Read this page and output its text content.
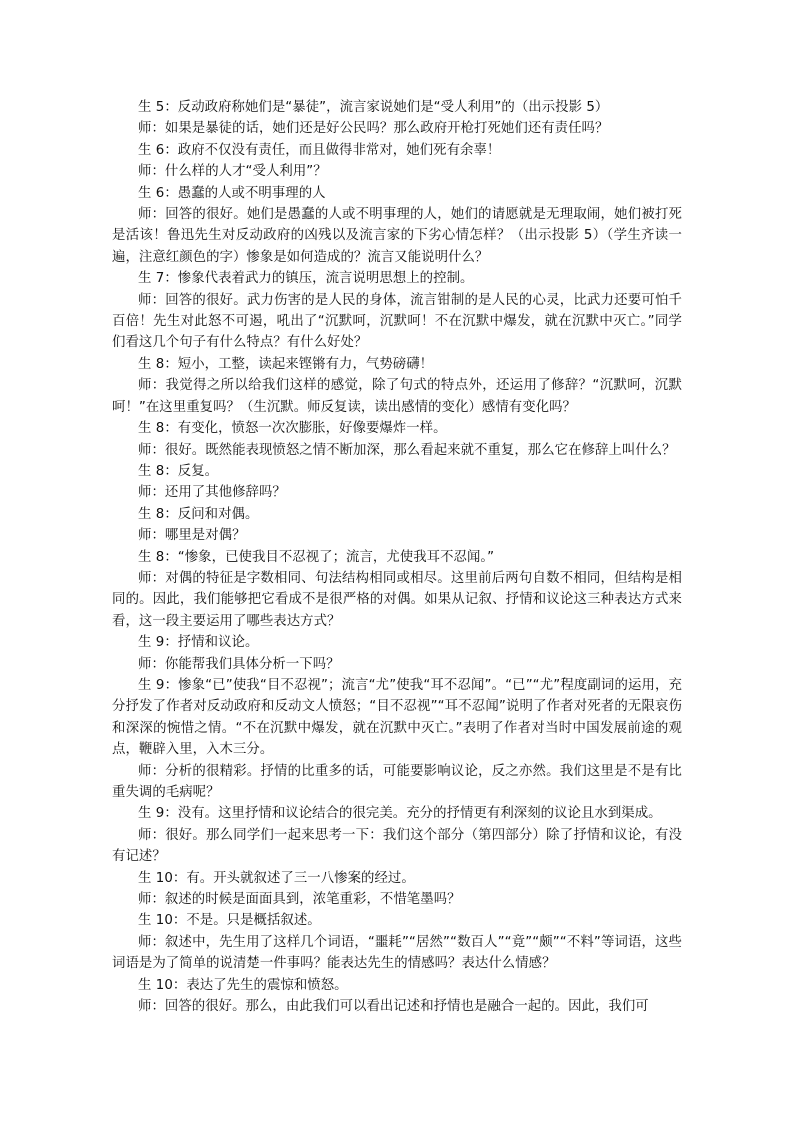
生 5：反动政府称她们是“暴徒”，流言家说她们是“受人利用”的（出示投影 5）

师：如果是暴徒的话，她们还是好公民吗？那么政府开枪打死她们还有责任吗？

生 6：政府不仅没有责任，而且做得非常对，她们死有余辜！

师：什么样的人才“受人利用”？

生 6：愚蠢的人或不明事理的人

师：回答的很好。她们是愚蠢的人或不明事理的人，她们的请愿就是无理取闹，她们被打死是活该！鲁迅先生对反动政府的凶残以及流言家的下劣心情怎样？（出示投影 5）（学生齐读一遍，注意红颜色的字）惨象是如何造成的？流言又能说明什么？

生 7：惨象代表着武力的镇压，流言说明思想上的控制。

师：回答的很好。武力伤害的是人民的身体，流言钳制的是人民的心灵，比武力还要可怕千百倍！先生对此怒不可遏，吼出了“沉默呵，沉默呵！不在沉默中爆发，就在沉默中灭亡。”同学们看这几个句子有什么特点？有什么好处？

生 8：短小，工整，读起来铿锵有力，气势磅礴！

师：我觉得之所以给我们这样的感觉，除了句式的特点外，还运用了修辞？“沉默呵，沉默呵！”在这里重复吗？（生沉默。师反复读，读出感情的变化）感情有变化吗？

生 8：有变化，愤怒一次次膨胀，好像要爆炸一样。

师：很好。既然能表现愤怒之情不断加深，那么看起来就不重复，那么它在修辞上叫什么？

生 8：反复。

师：还用了其他修辞吗？

生 8：反问和对偶。

师：哪里是对偶？

生 8：“惨象，已使我目不忍视了；流言，尤使我耳不忍闻。”

师：对偶的特征是字数相同、句法结构相同或相尽。这里前后两句自数不相同，但结构是相同的。因此，我们能够把它看成不是很严格的对偶。如果从记叙、抒情和议论这三种表达方式来看，这一段主要运用了哪些表达方式？

生 9：抒情和议论。

师：你能帮我们具体分析一下吗？

生 9：惨象“已”使我“目不忍视”；流言“尤”使我“耳不忍闻”。“已”“尤”程度副词的运用，充分抒发了作者对反动政府和反动文人愤怒；“目不忍视”“耳不忍闻”说明了作者对死者的无限哀伤和深深的惋惜之情。“不在沉默中爆发，就在沉默中灭亡。”表明了作者对当时中国发展前途的观点，鞭辟入里，入木三分。

师：分析的很精彩。抒情的比重多的话，可能要影响议论，反之亦然。我们这里是不是有比重失调的毛病呢？

生 9：没有。这里抒情和议论结合的很完美。充分的抒情更有利深刻的议论且水到渠成。

师：很好。那么同学们一起来思考一下：我们这个部分（第四部分）除了抒情和议论，有没有记述？

生 10：有。开头就叙述了三一八惨案的经过。

师：叙述的时候是面面具到，浓笔重彩，不惜笔墨吗？

生 10：不是。只是概括叙述。

师：叙述中，先生用了这样几个词语，“噩耗”“居然”“数百人”“竟”“颇”“不料”等词语，这些词语是为了简单的说清楚一件事吗？能表达先生的情感吗？表达什么情感？

生 10：表达了先生的震惊和愤怒。

师：回答的很好。那么，由此我们可以看出记述和抒情也是融合一起的。因此，我们可
